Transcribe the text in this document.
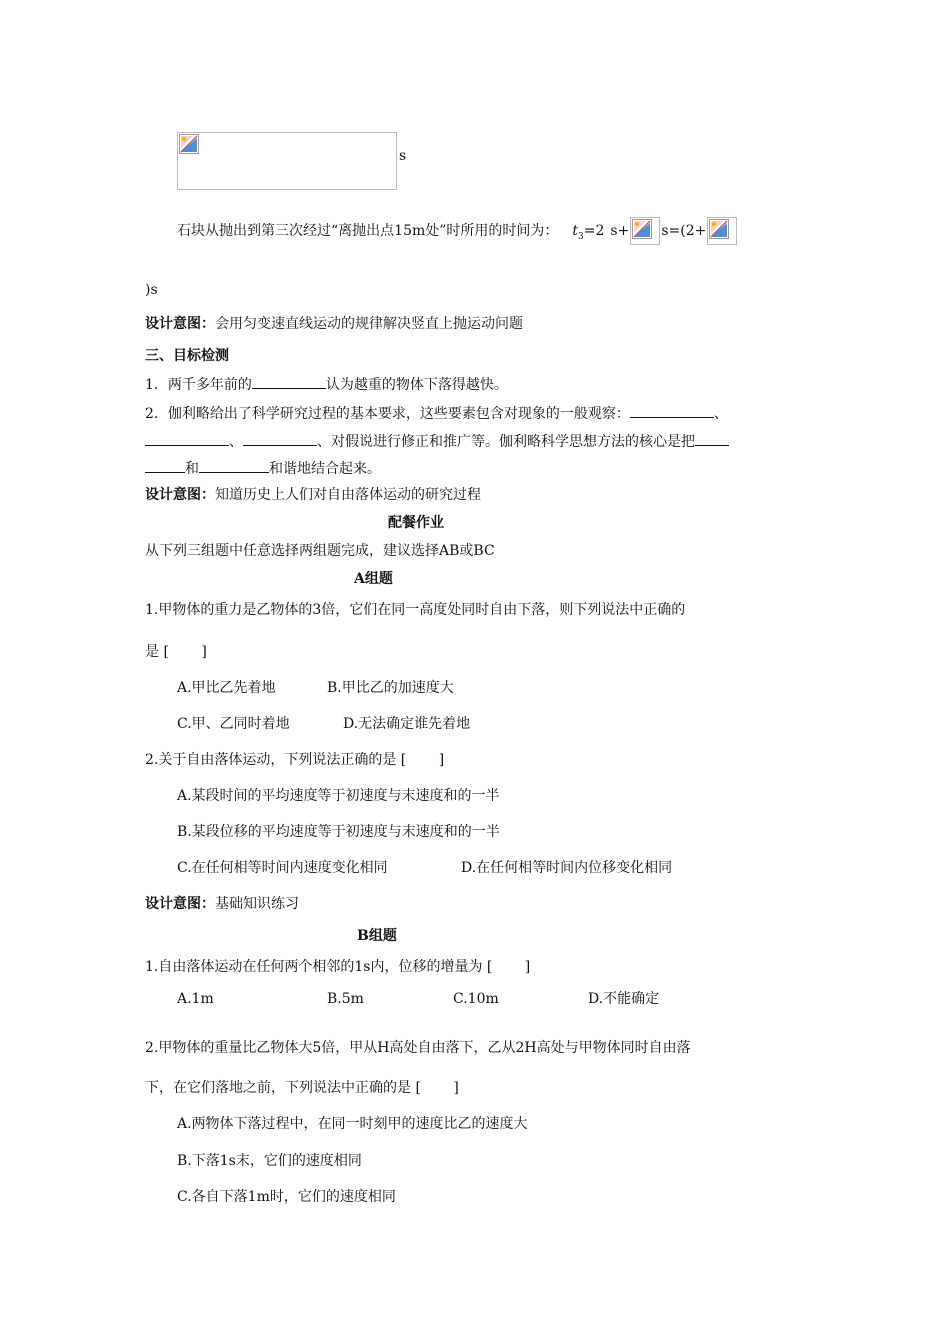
s
石块从抛出到第三次经过“离抛出点15m处”时所用的时间为： $t_3=2$ s+ s=(2+
)s
设计意图：会用匀变速直线运动的规律解决竖直上抛运动问题
三、目标检测
1．两千多年前的	认为越重的物体下落得越快。
2．伽利略给出了科学研究过程的基本要求，这些要素包含对现象的一般观察：	、
、	、对假说进行修正和推广等。伽利略科学思想方法的核心是把
和	和谐地结合起来。
设计意图：知道历史上人们对自由落体运动的研究过程
配餐作业
从下列三组题中任意选择两组题完成，建议选择AB或BC
A组题
1.甲物体的重力是乙物体的3倍，它们在同一高度处同时自由下落，则下列说法中正确的
是 [　　 ]
A.甲比乙先着地	B.甲比乙的加速度大
C.甲、乙同时着地	D.无法确定谁先着地
2.关于自由落体运动，下列说法正确的是 [　　 ]
A.某段时间的平均速度等于初速度与末速度和的一半
B.某段位移的平均速度等于初速度与末速度和的一半
C.在任何相等时间内速度变化相同	D.在任何相等时间内位移变化相同
设计意图：基础知识练习
B组题
1.自由落体运动在任何两个相邻的1s内，位移的增量为 [　　 ]
A.1m	B.5m	C.10m	D.不能确定
2.甲物体的重量比乙物体大5倍，甲从H高处自由落下，乙从2H高处与甲物体同时自由落
下，在它们落地之前，下列说法中正确的是 [　　 ]
A.两物体下落过程中，在同一时刻甲的速度比乙的速度大
B.下落1s末，它们的速度相同
C.各自下落1m时，它们的速度相同
